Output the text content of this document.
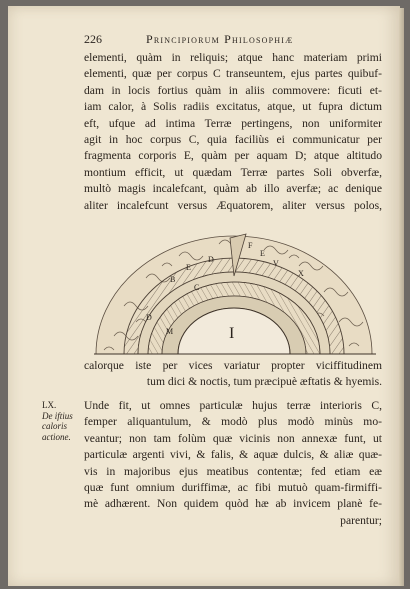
226	Principiorum Philosophiæ
elementi, quàm in reliquis; atque hanc materiam primi
elementi, quæ per corpus C transeuntem, ejus partes quibuf-
dam in locis fortius quàm in aliis commovere: ficuti et-
iam calor, à Solis radiis excitatus, atque, ut fupra dictum
eft, ufque ad intima Terræ pertingens, non uniformiter
agit in hoc corpus C, quia faciliùs ei communicatur per
fragmenta corporis E, quàm per aquam D; atque altitudo
montium efficit, ut quædam Terræ partes Soli obverfæ,
multò magis incalefcant, quàm ab illo averfæ; ac denique
aliter incalefcunt versus Æquatorem, aliter versus polos,
F
E
V
X
B
E
D
C
D
M	I
calorque iste per vices variatur propter viciffitudinem
tum dici & noctis, tum præcipuè æftatis & hyemis.
LX.
De iftius
caloris
actione.
Unde fit, ut omnes particulæ hujus terræ interioris C,
femper aliquantulum, & modò plus modò minùs mo-
veantur; non tam folùm quæ vicinis non annexæ funt, ut
particulæ argenti vivi, & falis, & aquæ dulcis, & aliæ quæ-
vis in majoribus ejus meatibus contentæ; fed etiam eæ
quæ funt omnium duriffimæ, ac fibi mutuò quam-firmiffi-
mè adhærent. Non quidem quòd hæ ab invicem planè fe-
parentur;
